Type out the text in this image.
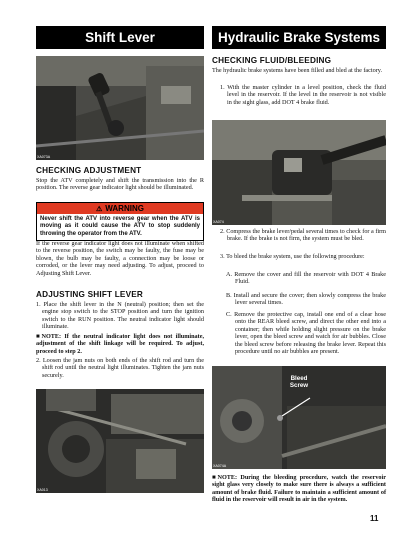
Shift Lever	Hydraulic Brake Systems
XA073A
CHECKING ADJUSTMENT

Stop the ATV completely and shift the transmission into the R position. The reverse gear indicator light should be illuminated.

⚠ WARNING
Never shift the ATV into reverse gear when the ATV is moving as it could cause the ATV to stop suddenly throwing the operator from the ATV.

If the reverse gear indicator light does not illuminate when shifted to the reverse position, the switch may be faulty, the fuse may be blown, the bulb may be faulty, a connection may be loose or corroded, or the lever may need adjusting. To adjust, proceed to Adjusting Shift Lever.

ADJUSTING SHIFT LEVER

1. Place the shift lever in the N (neutral) position; then set the engine stop switch to the STOP position and turn the ignition switch to the RUN position. The neutral indicator light should illuminate.

■NOTE: If the neutral indicator light does not illuminate, adjustment of the shift linkage will be required. To adjust, proceed to step 2.

2. Loosen the jam nuts on both ends of the shift rod and turn the shift rod until the neutral light illuminates. Tighten the jam nuts securely.

XA013
CHECKING FLUID/BLEEDING

The hydraulic brake systems have been filled and bled at the factory.

1. With the master cylinder in a level position, check the fluid level in the reservoir. If the level in the reservoir is not visible in the sight glass, add DOT 4 brake fluid.

XA074

2. Compress the brake lever/pedal several times to check for a firm brake. If the brake is not firm, the system must be bled.

3. To bleed the brake system, use the following procedure:

A. Remove the cover and fill the reservoir with DOT 4 Brake Fluid.

B. Install and secure the cover; then slowly compress the brake lever several times.

C. Remove the protective cap, install one end of a clear hose onto the REAR bleed screw, and direct the other end into a container; then while holding slight pressure on the brake lever, open the bleed screw and watch for air bubbles. Close the bleed screw before releasing the brake lever. Repeat this procedure until no air bubbles are present.

Bleed
Screw
XA074A

■NOTE: During the bleeding procedure, watch the reservoir sight glass very closely to make sure there is always a sufficient amount of brake fluid. Failure to maintain a sufficient amount of fluid in the reservoir will result in air in the system.

11
